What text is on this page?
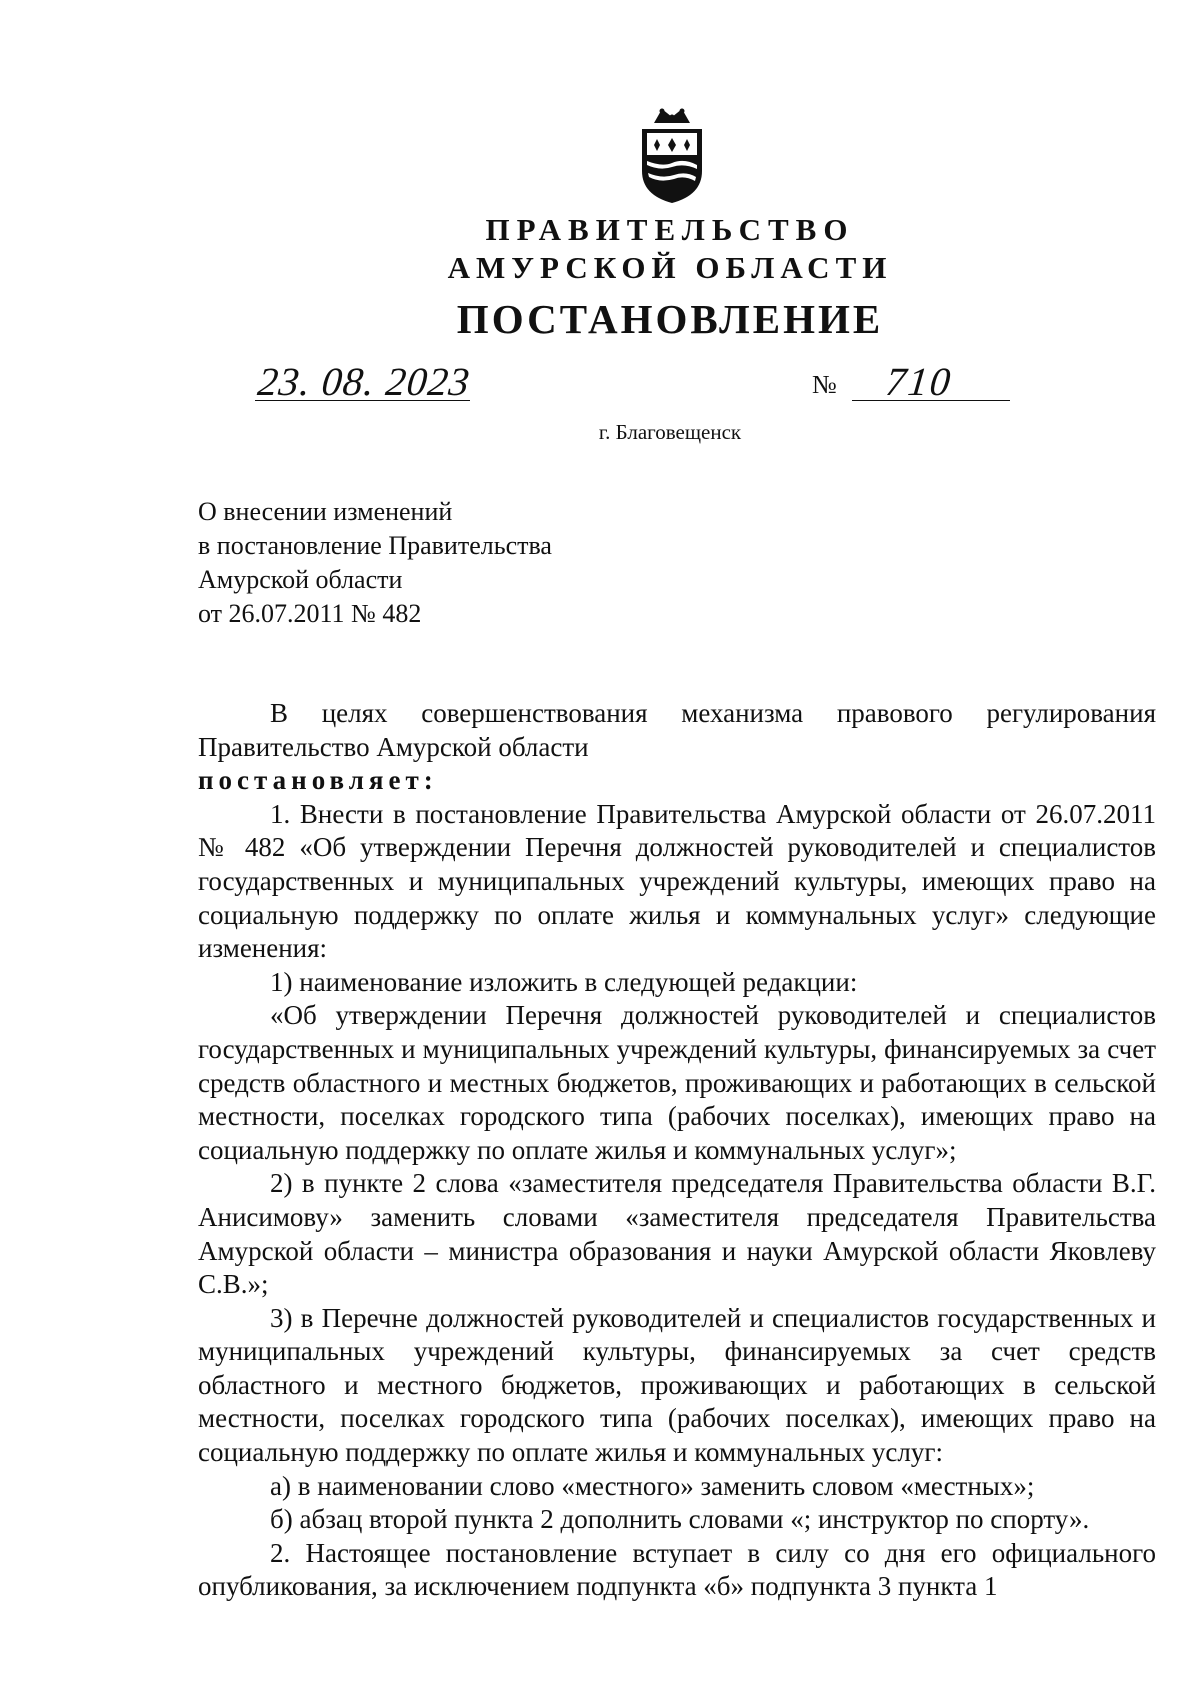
ПРАВИТЕЛЬСТВО
АМУРСКОЙ ОБЛАСТИ
ПОСТАНОВЛЕНИЕ
23. 08. 2023	№ 710
г. Благовещенск
О внесении изменений
в постановление Правительства
Амурской области
от 26.07.2011 № 482

В целях совершенствования механизма правового регулирования Правительство Амурской области

постановляет:

1. Внести в постановление Правительства Амурской области от 26.07.2011 № 482 «Об утверждении Перечня должностей руководителей и специалистов государственных и муниципальных учреждений культуры, имеющих право на социальную поддержку по оплате жилья и коммунальных услуг» следующие изменения:

1) наименование изложить в следующей редакции:

«Об утверждении Перечня должностей руководителей и специалистов государственных и муниципальных учреждений культуры, финансируемых за счет средств областного и местных бюджетов, проживающих и работающих в сельской местности, поселках городского типа (рабочих поселках), имеющих право на социальную поддержку по оплате жилья и коммунальных услуг»;

2) в пункте 2 слова «заместителя председателя Правительства области В.Г. Анисимову» заменить словами «заместителя председателя Правительства Амурской области – министра образования и науки Амурской области Яковлеву С.В.»;

3) в Перечне должностей руководителей и специалистов государственных и муниципальных учреждений культуры, финансируемых за счет средств областного и местного бюджетов, проживающих и работающих в сельской местности, поселках городского типа (рабочих поселках), имеющих право на социальную поддержку по оплате жилья и коммунальных услуг:

а) в наименовании слово «местного» заменить словом «местных»;

б) абзац второй пункта 2 дополнить словами «; инструктор по спорту».

2. Настоящее постановление вступает в силу со дня его официального опубликования, за исключением подпункта «б» подпункта 3 пункта 1
